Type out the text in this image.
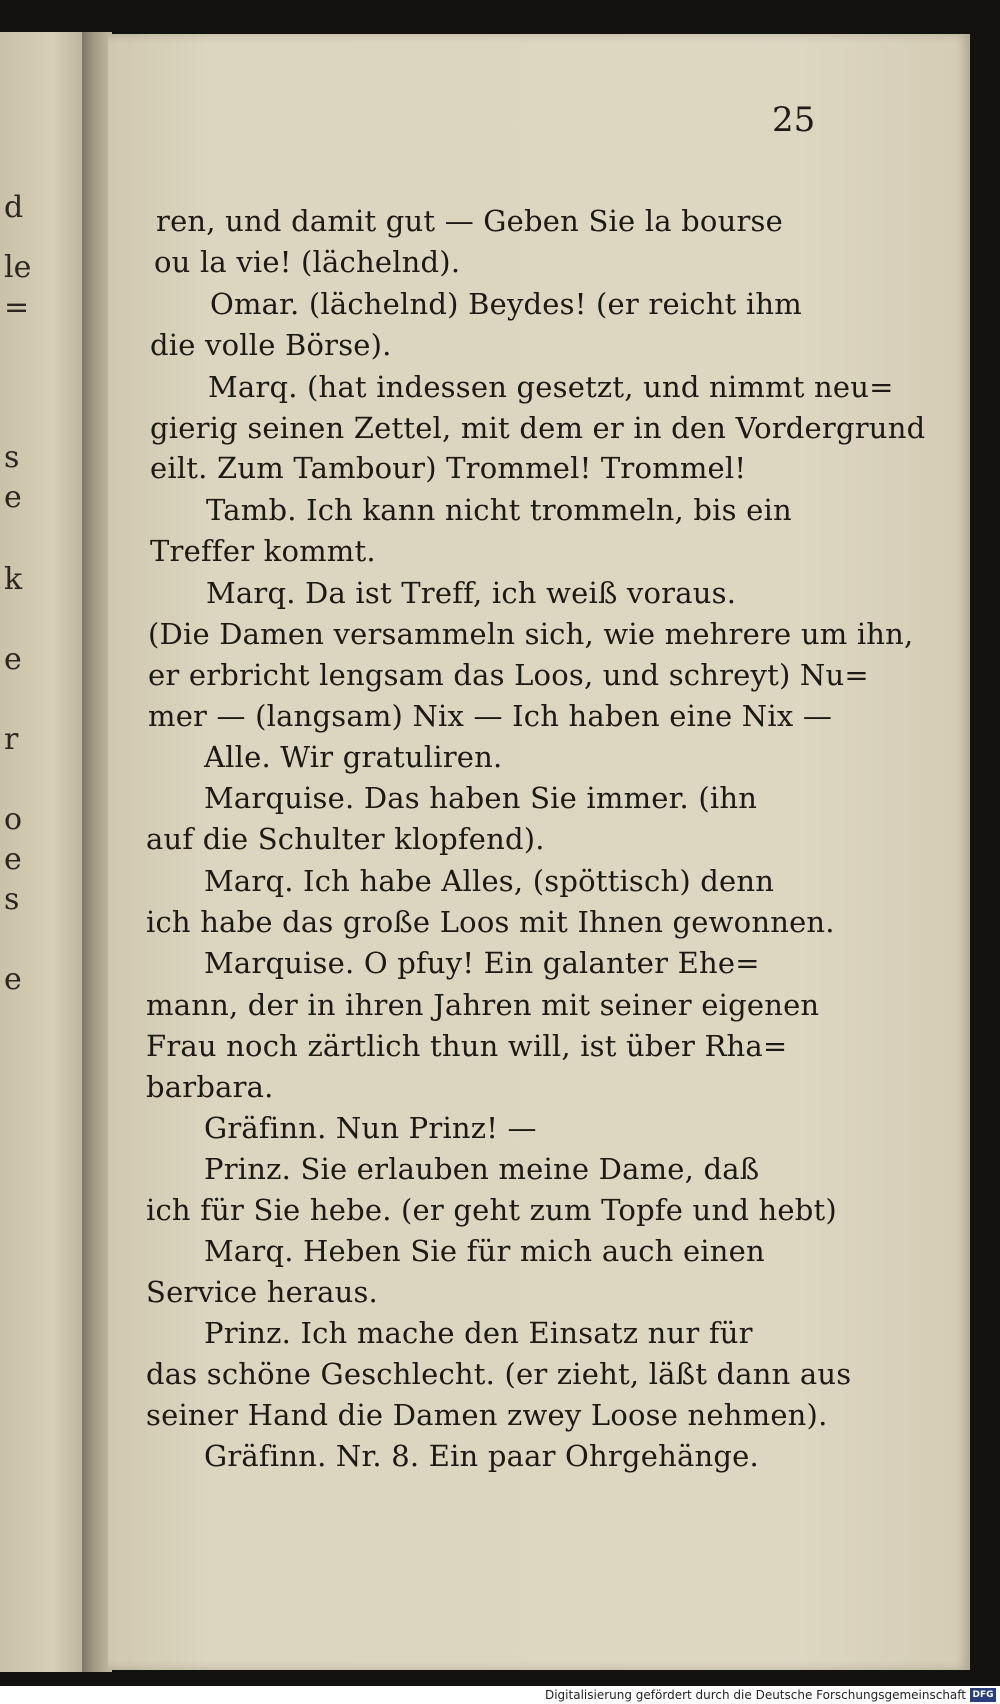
d
le
=
s
e
k
e
r
o
e
s
e
25
ren, und damit gut — Geben Sie la bourse
ou la vie! (lächelnd).
Omar. (lächelnd) Beydes! (er reicht ihm
die volle Börse).
Marq. (hat indessen gesetzt, und nimmt neu=
gierig seinen Zettel, mit dem er in den Vordergrund
eilt. Zum Tambour) Trommel! Trommel!
Tamb. Ich kann nicht trommeln, bis ein
Treffer kommt.
Marq. Da ist Treff, ich weiß voraus.
(Die Damen versammeln sich, wie mehrere um ihn,
er erbricht lengsam das Loos, und schreyt) Nu=
mer — (langsam) Nix — Ich haben eine Nix —
Alle. Wir gratuliren.
Marquise. Das haben Sie immer. (ihn
auf die Schulter klopfend).
Marq. Ich habe Alles, (spöttisch) denn
ich habe das große Loos mit Ihnen gewonnen.
Marquise. O pfuy! Ein galanter Ehe=
mann, der in ihren Jahren mit seiner eigenen
Frau noch zärtlich thun will, ist über Rha=
barbara.
Gräfinn. Nun Prinz! —
Prinz. Sie erlauben meine Dame, daß
ich für Sie hebe. (er geht zum Topfe und hebt)
Marq. Heben Sie für mich auch einen
Service heraus.
Prinz. Ich mache den Einsatz nur für
das schöne Geschlecht. (er zieht, läßt dann aus
seiner Hand die Damen zwey Loose nehmen).
Gräfinn. Nr. 8. Ein paar Ohrgehänge.
Digitalisierung gefördert durch die Deutsche Forschungsgemeinschaft DFG
